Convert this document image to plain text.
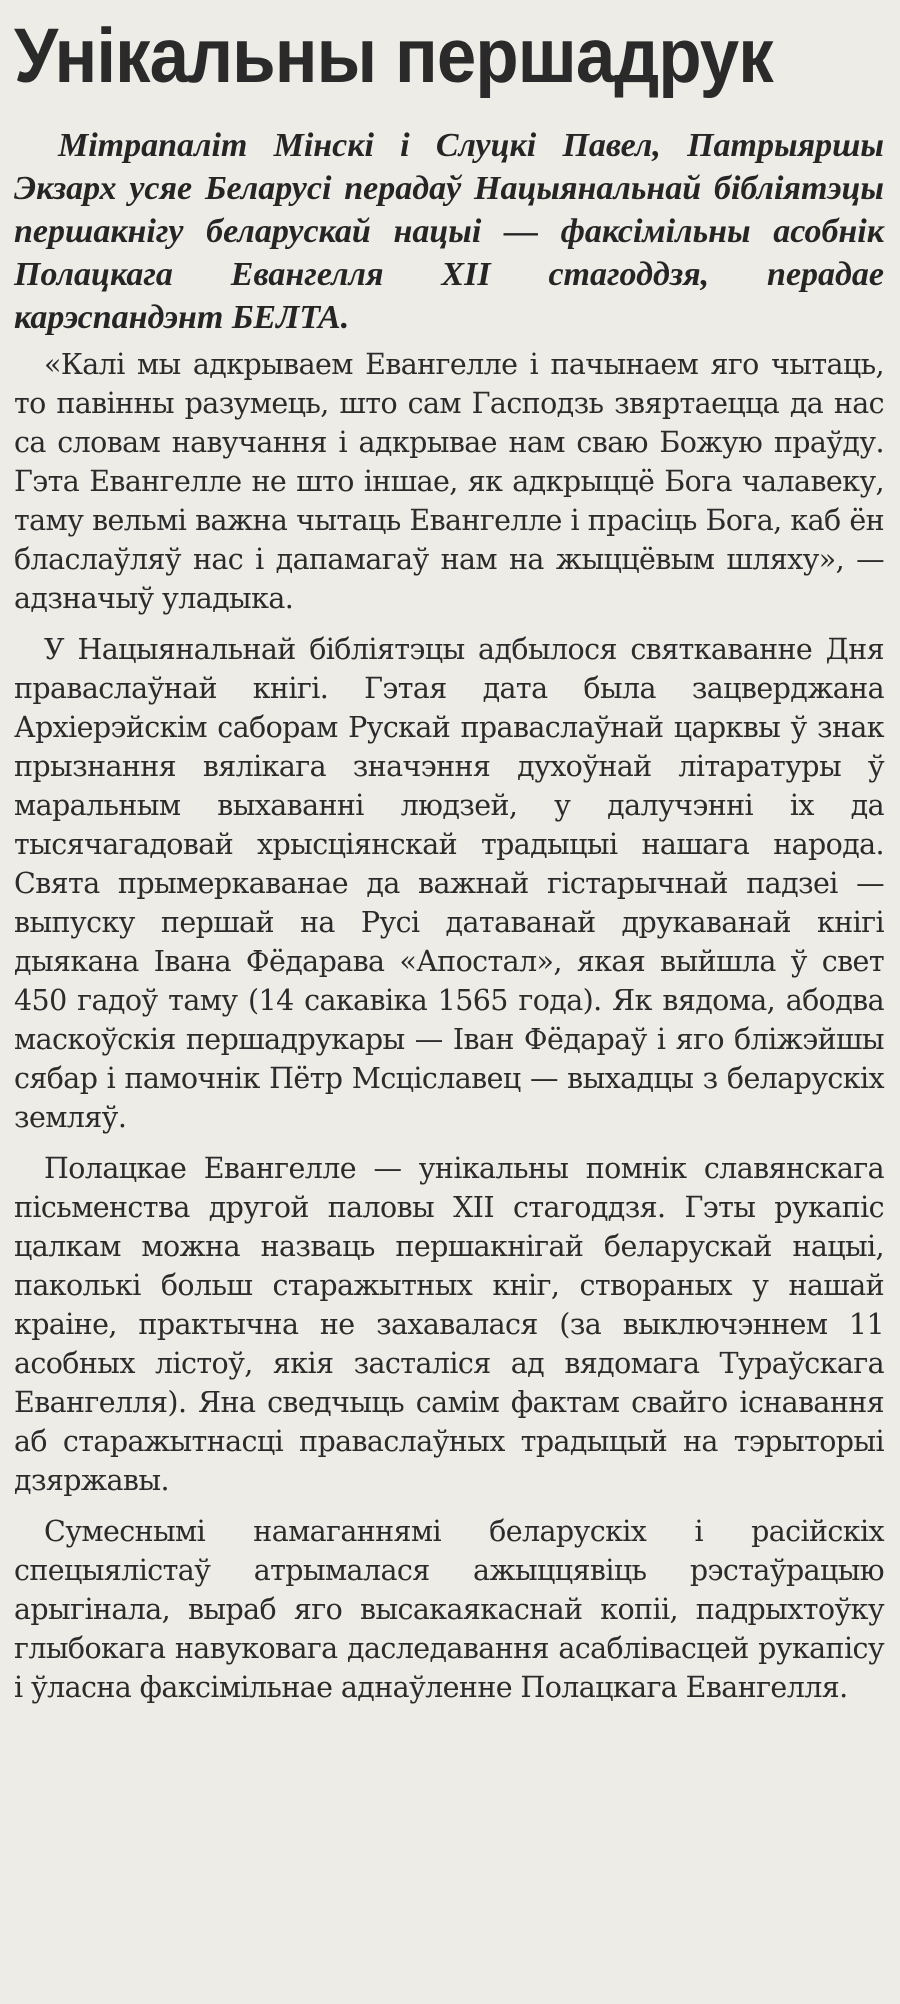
Унікальны першадрук

Мітрапаліт Мінскі і Слуцкі Павел, Патрыяршы Экзарх усяе Беларусі перадаў Нацыянальнай бібліятэцы першакнігу беларускай нацыі — факсімільны асобнік Полацкага Евангелля XII стагоддзя, перадае карэспандэнт БЕЛТА.

«Калі мы адкрываем Евангелле і пачынаем яго чытаць, то павінны разумець, што сам Гасподзь звяртаецца да нас са словам навучання і адкрывае нам сваю Божую праўду. Гэта Евангелле не што іншае, як адкрыццё Бога чалавеку, таму вельмі важна чытаць Евангелле і прасіць Бога, каб ён бласлаўляў нас і дапамагаў нам на жыццёвым шляху», — адзначыў уладыка.

У Нацыянальнай бібліятэцы адбылося святкаванне Дня праваслаўнай кнігі. Гэтая дата была зацверджана Архіерэйскім саборам Рускай праваслаўнай царквы ў знак прызнання вялікага значэння духоўнай літаратуры ў маральным выхаванні людзей, у далучэнні іх да тысячагадовай хрысціянскай традыцыі нашага народа. Свята прымеркаванае да важнай гістарычнай падзеі — выпуску першай на Русі датаванай друкаванай кнігі дыякана Івана Фёдарава «Апостал», якая выйшла ў свет 450 гадоў таму (14 сакавіка 1565 года). Як вядома, абодва маскоўскія першадрукары — Іван Фёдараў і яго бліжэйшы сябар і памочнік Пётр Мсціславец — выхадцы з беларускіх земляў.

Полацкае Евангелле — унікальны помнік славянскага пісьменства другой паловы XII стагоддзя. Гэты рукапіс цалкам можна назваць першакнігай беларускай нацыі, паколькі больш старажытных кніг, створаных у нашай краіне, практычна не захавалася (за выключэннем 11 асобных лістоў, якія засталіся ад вядомага Тураўскага Евангелля). Яна сведчыць самім фактам свайго існавання аб старажытнасці праваслаўных традыцый на тэрыторыі дзяржавы.

Сумеснымі намаганнямі беларускіх і расійскіх спецыялістаў атрымалася ажыццявіць рэстаўрацыю арыгінала, выраб яго высакаякаснай копіі, падрыхтоўку глыбокага навуковага даследавання асаблівасцей рукапісу і ўласна факсімільнае аднаўленне Полацкага Евангелля.
